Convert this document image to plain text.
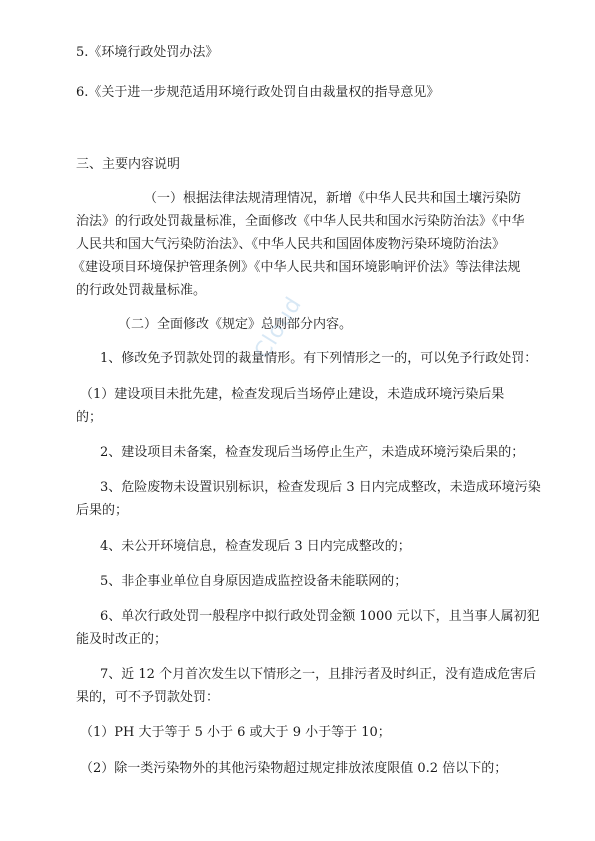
Cloud
5.《环境行政处罚办法》
6.《关于进一步规范适用环境行政处罚自由裁量权的指导意见》
三、主要内容说明
（一）根据法律法规清理情况，新增《中华人民共和国土壤污染防
治法》的行政处罚裁量标准，全面修改《中华人民共和国水污染防治法》《中华
人民共和国大气污染防治法》、《中华人民共和国固体废物污染环境防治法》
《建设项目环境保护管理条例》《中华人民共和国环境影响评价法》等法律法规
的行政处罚裁量标准。
（二）全面修改《规定》总则部分内容。
1、修改免予罚款处罚的裁量情形。有下列情形之一的，可以免予行政处罚：
（1）建设项目未批先建，检查发现后当场停止建设，未造成环境污染后果
的；
2、建设项目未备案，检查发现后当场停止生产，未造成环境污染后果的；
3、危险废物未设置识别标识，检查发现后 3 日内完成整改，未造成环境污染
后果的；
4、未公开环境信息，检查发现后 3 日内完成整改的；
5、非企事业单位自身原因造成监控设备未能联网的；
6、单次行政处罚一般程序中拟行政处罚金额 1000 元以下，且当事人属初犯
能及时改正的；
7、近 12 个月首次发生以下情形之一，且排污者及时纠正，没有造成危害后
果的，可不予罚款处罚：
（1）PH 大于等于 5 小于 6 或大于 9 小于等于 10；
（2）除一类污染物外的其他污染物超过规定排放浓度限值 0.2 倍以下的；
